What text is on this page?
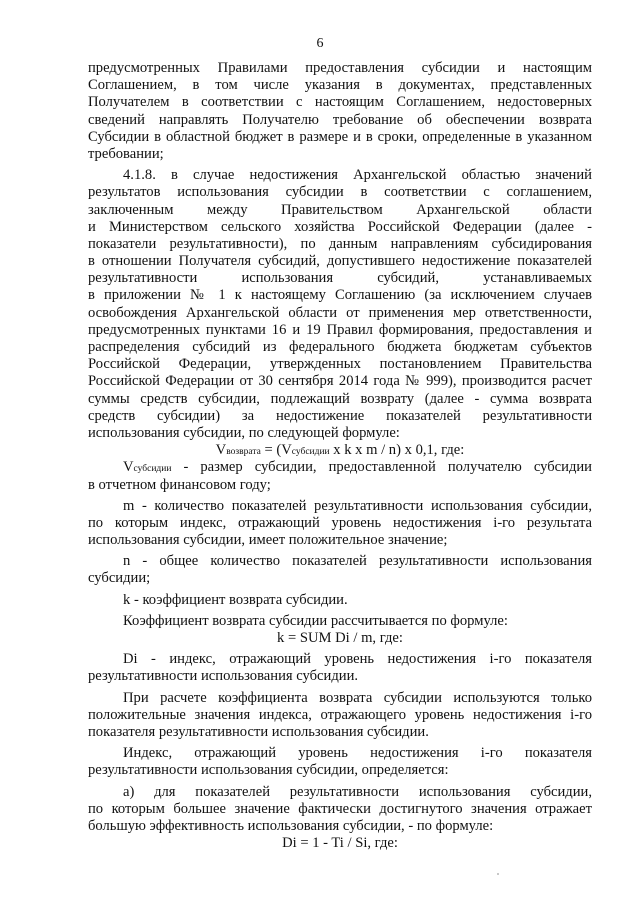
6
предусмотренных Правилами предоставления субсидии и настоящим
Соглашением, в том числе указания в документах, представленных
Получателем в соответствии с настоящим Соглашением, недостоверных
сведений направлять Получателю требование об обеспечении возврата
Субсидии в областной бюджет в размере и в сроки, определенные в указанном
требовании;
4.1.8. в случае недостижения Архангельской областью значений
результатов использования субсидии в соответствии с соглашением,
заключенным между Правительством Архангельской области
и Министерством сельского хозяйства Российской Федерации (далее -
показатели результативности), по данным направлениям субсидирования
в отношении Получателя субсидий, допустившего недостижение показателей
результативности использования субсидий, устанавливаемых
в приложении № 1 к настоящему Соглашению (за исключением случаев
освобождения Архангельской области от применения мер ответственности,
предусмотренных пунктами 16 и 19 Правил формирования, предоставления и
распределения субсидий из федерального бюджета бюджетам субъектов
Российской Федерации, утвержденных постановлением Правительства
Российской Федерации от 30 сентября 2014 года № 999), производится расчет
суммы средств субсидии, подлежащий возврату (далее - сумма возврата
средств субсидии) за недостижение показателей результативности
использования субсидии, по следующей формуле:
Vвозврата = (Vсубсидии x k x m / n) x 0,1, где:
Vсубсидии - размер субсидии, предоставленной получателю субсидии
в отчетном финансовом году;
m - количество показателей результативности использования субсидии,
по которым индекс, отражающий уровень недостижения i-го результата
использования субсидии, имеет положительное значение;
n - общее количество показателей результативности использования
субсидии;
k - коэффициент возврата субсидии.
Коэффициент возврата субсидии рассчитывается по формуле:
k = SUM Di / m, где:
Di - индекс, отражающий уровень недостижения i-го показателя
результативности использования субсидии.
При расчете коэффициента возврата субсидии используются только
положительные значения индекса, отражающего уровень недостижения i-го
показателя результативности использования субсидии.
Индекс, отражающий уровень недостижения i-го показателя
результативности использования субсидии, определяется:
а) для показателей результативности использования субсидии,
по которым большее значение фактически достигнутого значения отражает
большую эффективность использования субсидии, - по формуле:
Di = 1 - Ti / Si, где:
